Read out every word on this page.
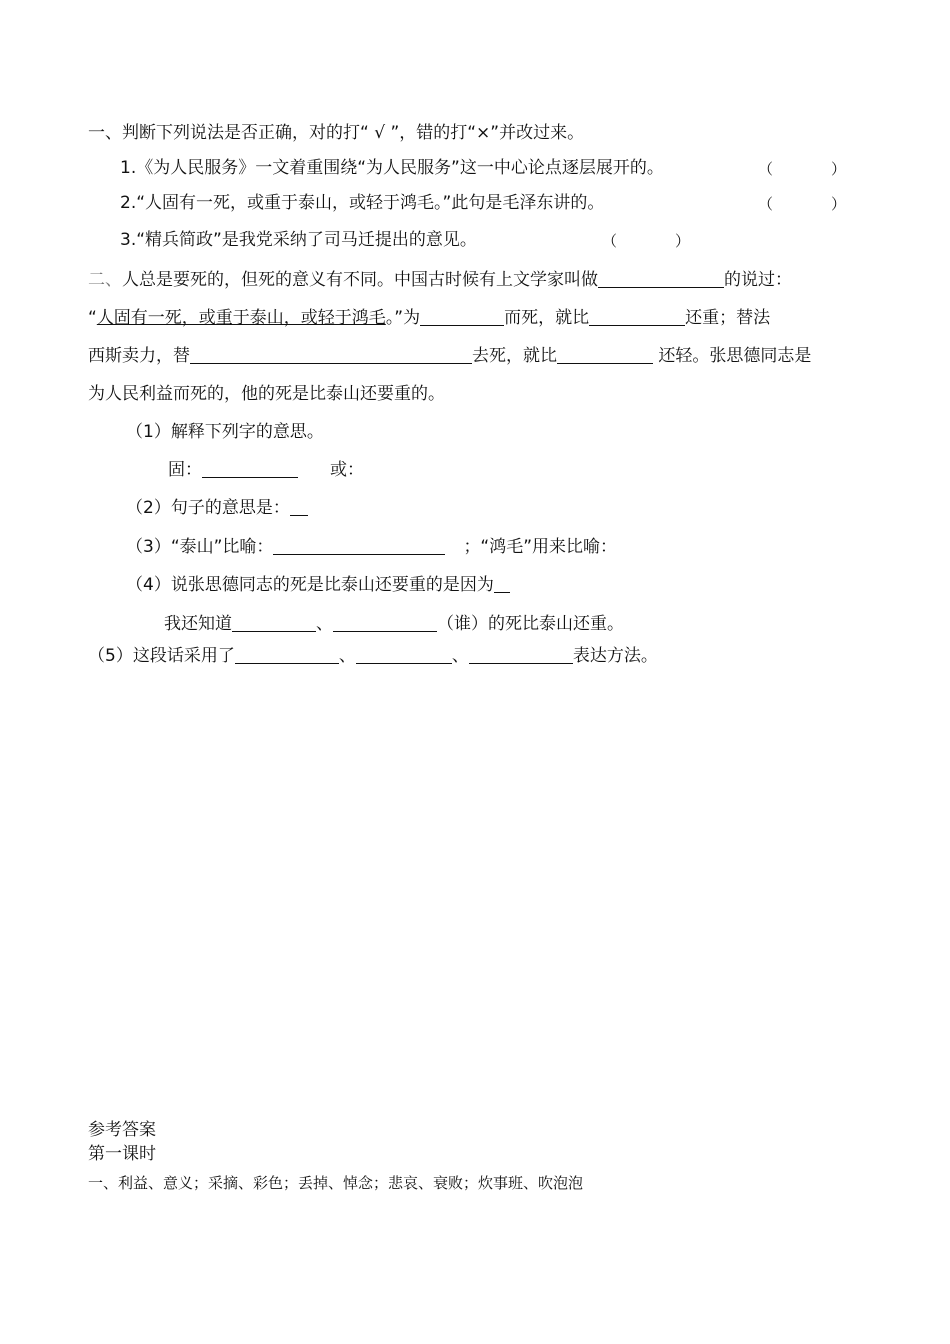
一、判断下列说法是否正确，对的打“ √ ”，错的打“×”并改过来。
1.《为人民服务》一文着重围绕“为人民服务”这一中心论点逐层展开的。	（	）
2.“人固有一死，或重于泰山，或轻于鸿毛。”此句是毛泽东讲的。	（	）
3.“精兵简政”是我党采纳了司马迁提出的意见。	（	）
二、人总是要死的，但死的意义有不同。中国古时候有上文学家叫做	的说过：
“人固有一死，或重于泰山，或轻于鸿毛。”为	而死，就比	还重；替法
西斯卖力，替	去死，就比	还轻。张思德同志是
为人民利益而死的，他的死是比泰山还要重的。
（1）解释下列字的意思。
固：	或：
（2）句子的意思是：
（3）“泰山”比喻：	；“鸿毛”用来比喻：
（4）说张思德同志的死是比泰山还要重的是因为
我还知道	、	（谁）的死比泰山还重。
（5）这段话采用了	、	、	表达方法。
参考答案
第一课时
一、利益、意义；采摘、彩色；丢掉、悼念；悲哀、衰败；炊事班、吹泡泡
